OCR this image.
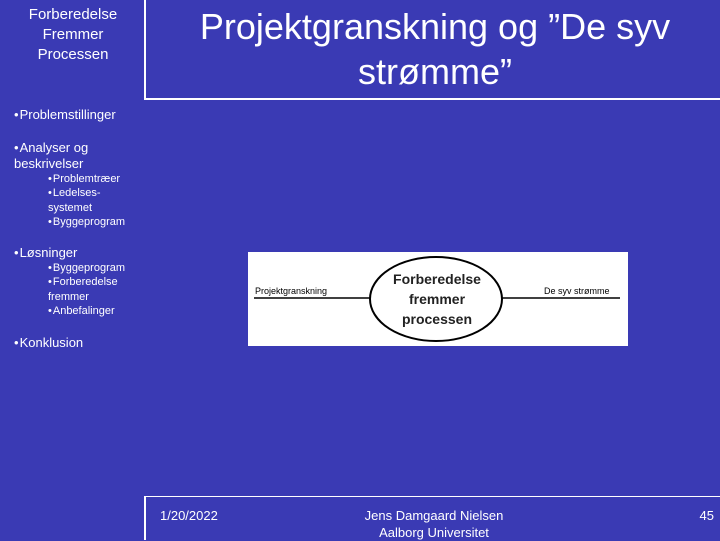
Forberedelse
Fremmer
Processen
Projektgranskning og ”De syv
strømme”
•Problemstillinger
•Analyser og
beskrivelser
•Problemtræer
•Ledelses-
systemet
•Byggeprogram
•Løsninger
•Byggeprogram
•Forberedelse
fremmer
•Anbefalinger
•Konklusion
Projektgranskning	De syv strømme
Forberedelse
fremmer
processen
1/20/2022	Jens Damgaard Nielsen
Aalborg Universitet
45
